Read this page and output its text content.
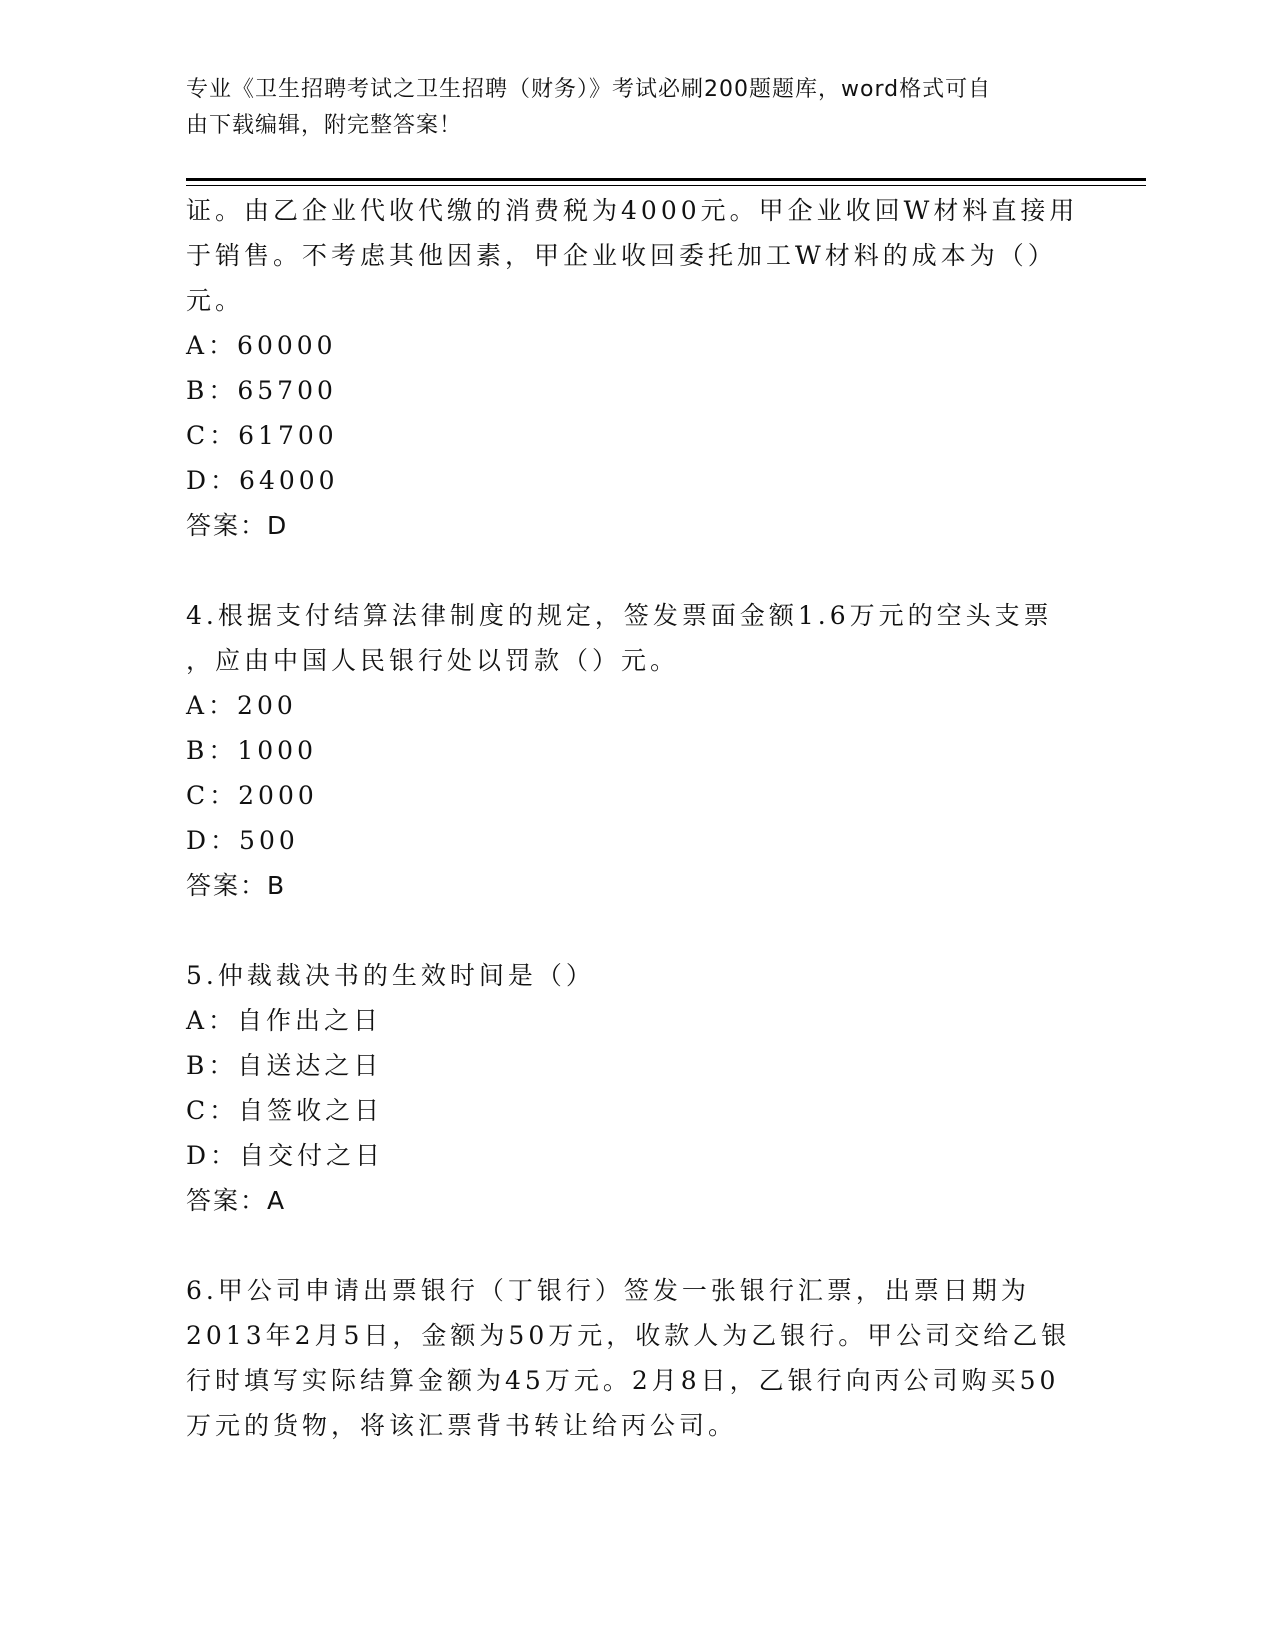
专业《卫生招聘考试之卫生招聘（财务）》考试必刷200题题库，word格式可自
由下载编辑，附完整答案！

证。由乙企业代收代缴的消费税为4000元。甲企业收回W材料直接用

于销售。不考虑其他因素，甲企业收回委托加工W材料的成本为（）

元。

A：60000

B：65700

C：61700

D：64000

答案：D

4.根据支付结算法律制度的规定，签发票面金额1.6万元的空头支票

，应由中国人民银行处以罚款（）元。

A：200

B：1000

C：2000

D：500

答案：B

5.仲裁裁决书的生效时间是（）

A：自作出之日

B：自送达之日

C：自签收之日

D：自交付之日

答案：A

6.甲公司申请出票银行（丁银行）签发一张银行汇票，出票日期为

2013年2月5日，金额为50万元，收款人为乙银行。甲公司交给乙银

行时填写实际结算金额为45万元。2月8日，乙银行向丙公司购买50

万元的货物，将该汇票背书转让给丙公司。
